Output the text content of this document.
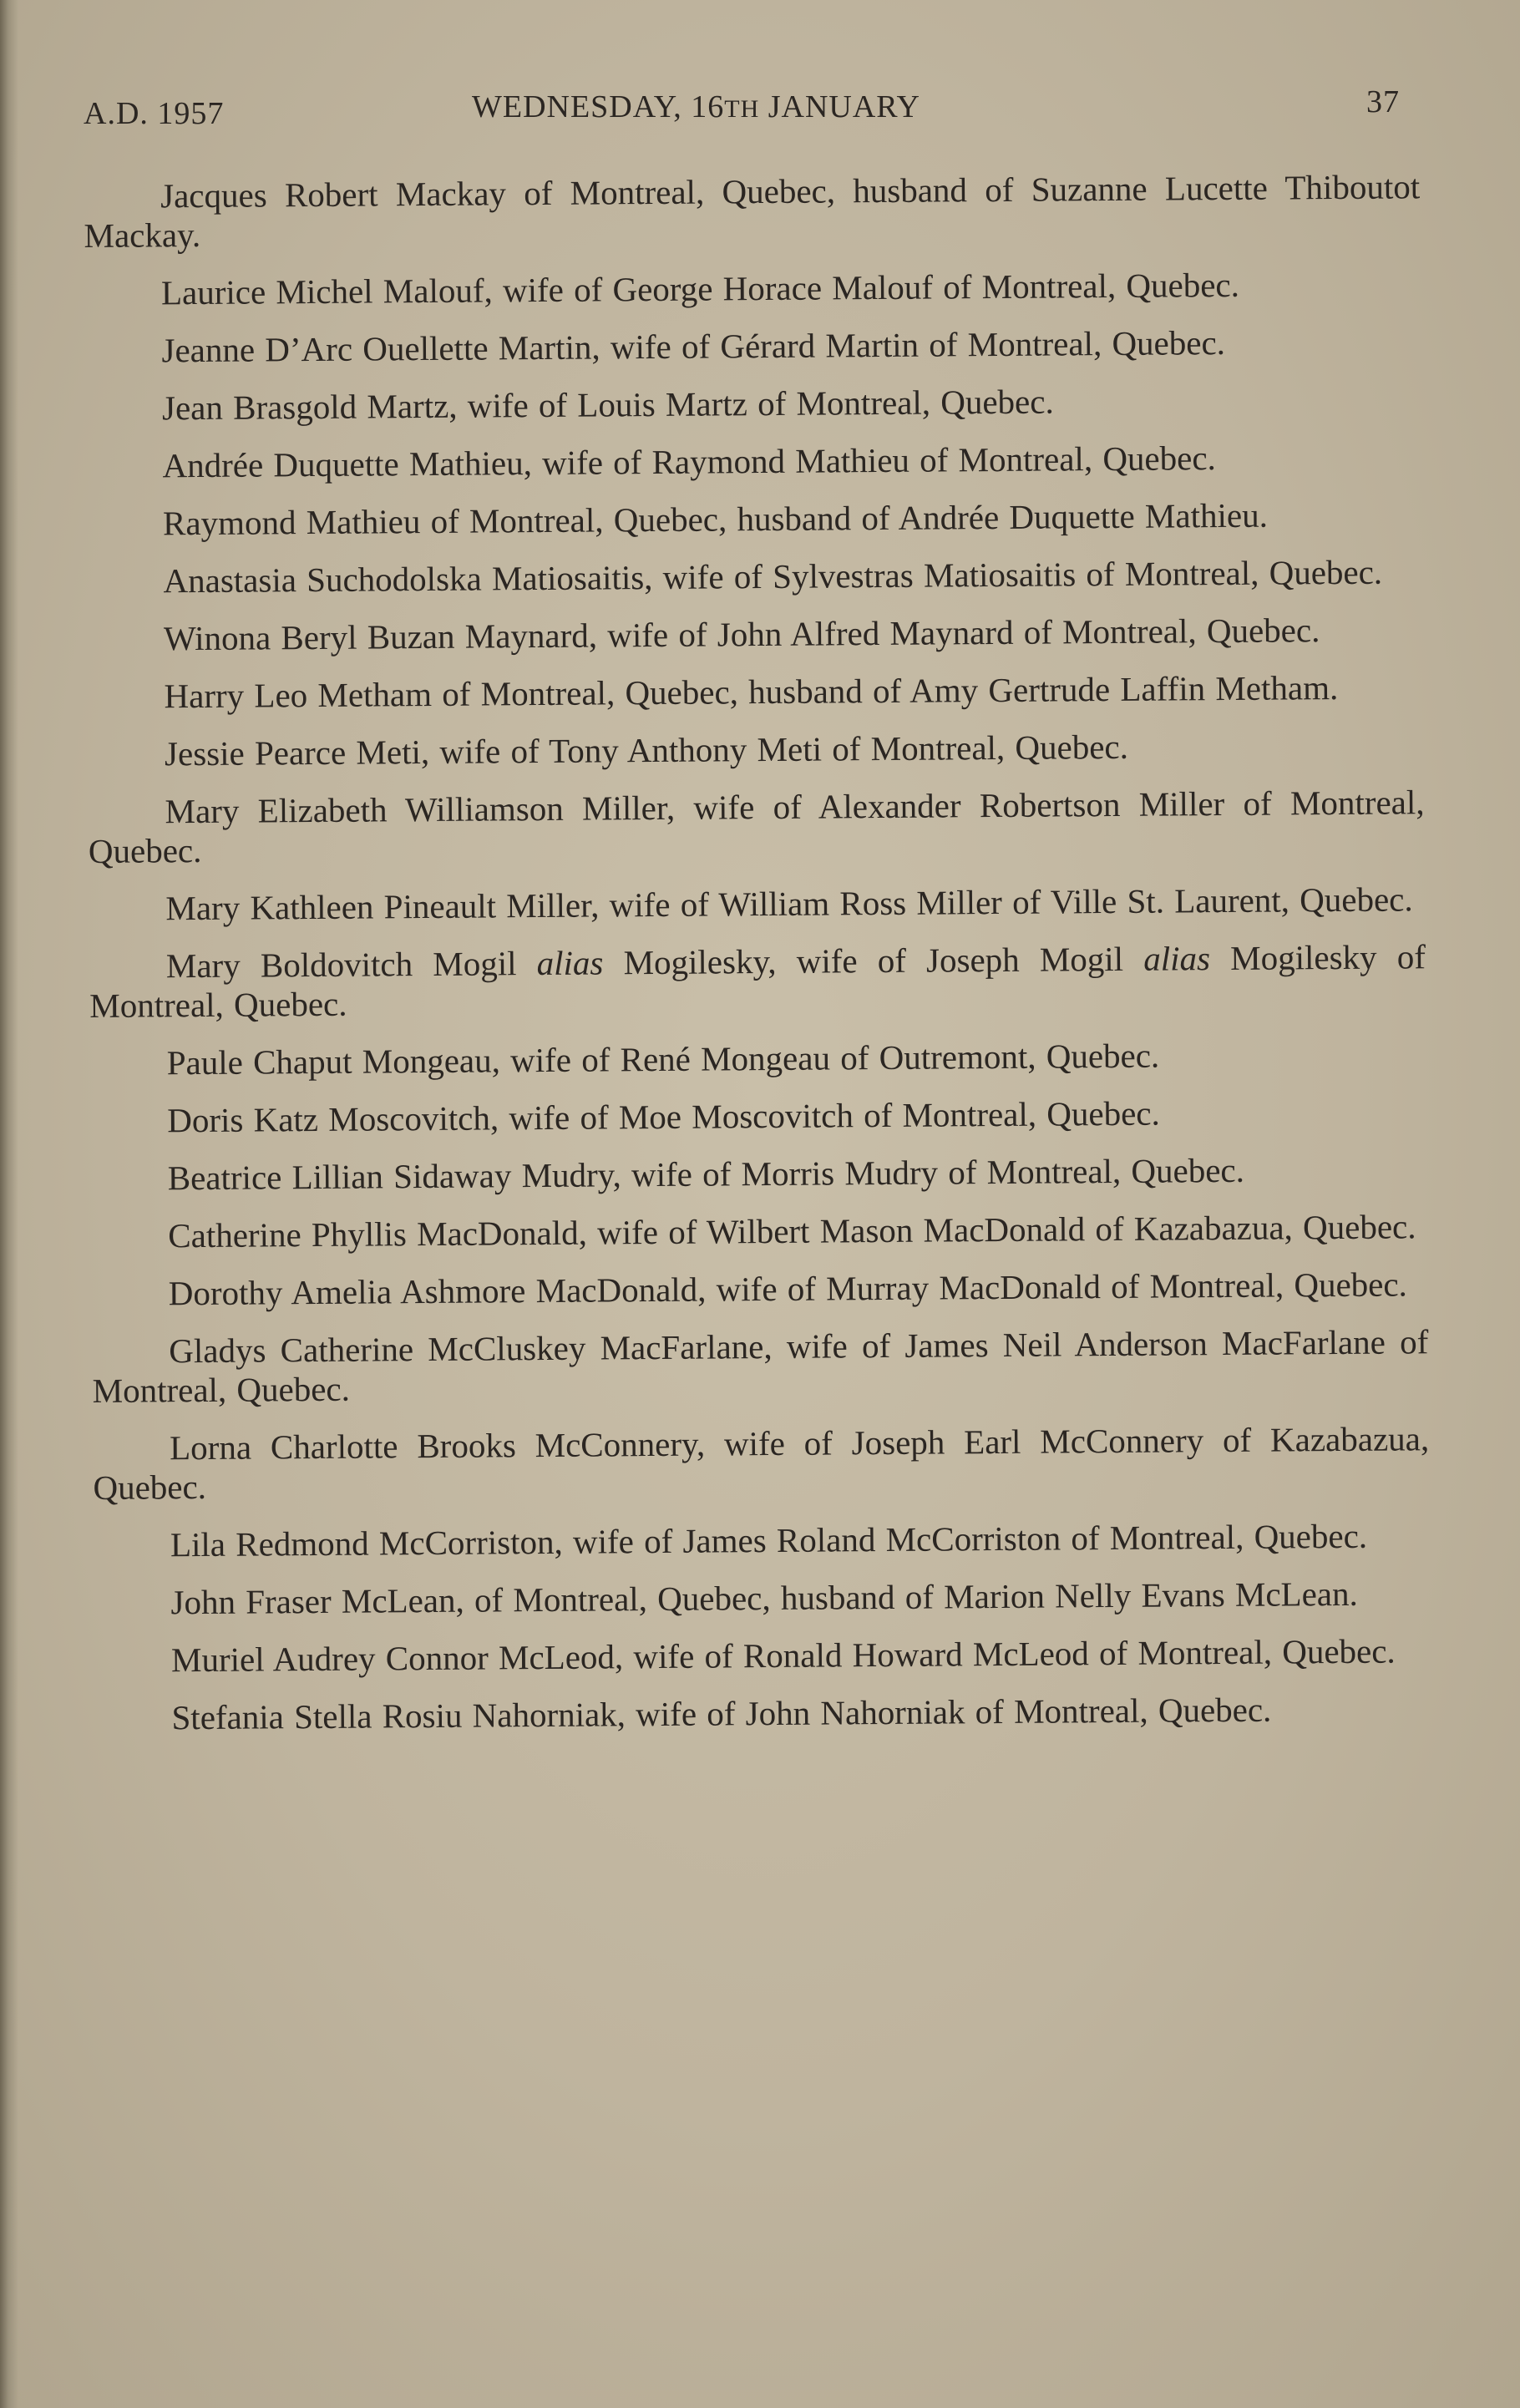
A.D. 1957	WEDNESDAY, 16TH JANUARY	37

Jacques Robert Mackay of Montreal, Quebec, husband of Suzanne Lucette Thiboutot Mackay.

Laurice Michel Malouf, wife of George Horace Malouf of Montreal, Quebec.

Jeanne D’Arc Ouellette Martin, wife of Gérard Martin of Montreal, Quebec.

Jean Brasgold Martz, wife of Louis Martz of Montreal, Quebec.

Andrée Duquette Mathieu, wife of Raymond Mathieu of Montreal, Quebec.

Raymond Mathieu of Montreal, Quebec, husband of Andrée Duquette Mathieu.

Anastasia Suchodolska Matiosaitis, wife of Sylvestras Matiosaitis of Montreal, Quebec.

Winona Beryl Buzan Maynard, wife of John Alfred Maynard of Montreal, Quebec.

Harry Leo Metham of Montreal, Quebec, husband of Amy Gertrude Laffin Metham.

Jessie Pearce Meti, wife of Tony Anthony Meti of Montreal, Quebec.

Mary Elizabeth Williamson Miller, wife of Alexander Robertson Miller of Montreal, Quebec.

Mary Kathleen Pineault Miller, wife of William Ross Miller of Ville St. Laurent, Quebec.

Mary Boldovitch Mogil alias Mogilesky, wife of Joseph Mogil alias Mogilesky of Montreal, Quebec.

Paule Chaput Mongeau, wife of René Mongeau of Outremont, Quebec.

Doris Katz Moscovitch, wife of Moe Moscovitch of Montreal, Quebec.

Beatrice Lillian Sidaway Mudry, wife of Morris Mudry of Montreal, Quebec.

Catherine Phyllis MacDonald, wife of Wilbert Mason MacDonald of Kazabazua, Quebec.

Dorothy Amelia Ashmore MacDonald, wife of Murray MacDonald of Montreal, Quebec.

Gladys Catherine McCluskey MacFarlane, wife of James Neil Anderson MacFarlane of Montreal, Quebec.

Lorna Charlotte Brooks McConnery, wife of Joseph Earl McConnery of Kazabazua, Quebec.

Lila Redmond McCorriston, wife of James Roland McCorriston of Montreal, Quebec.

John Fraser McLean, of Montreal, Quebec, husband of Marion Nelly Evans McLean.

Muriel Audrey Connor McLeod, wife of Ronald Howard McLeod of Montreal, Quebec.

Stefania Stella Rosiu Nahorniak, wife of John Nahorniak of Montreal, Quebec.
